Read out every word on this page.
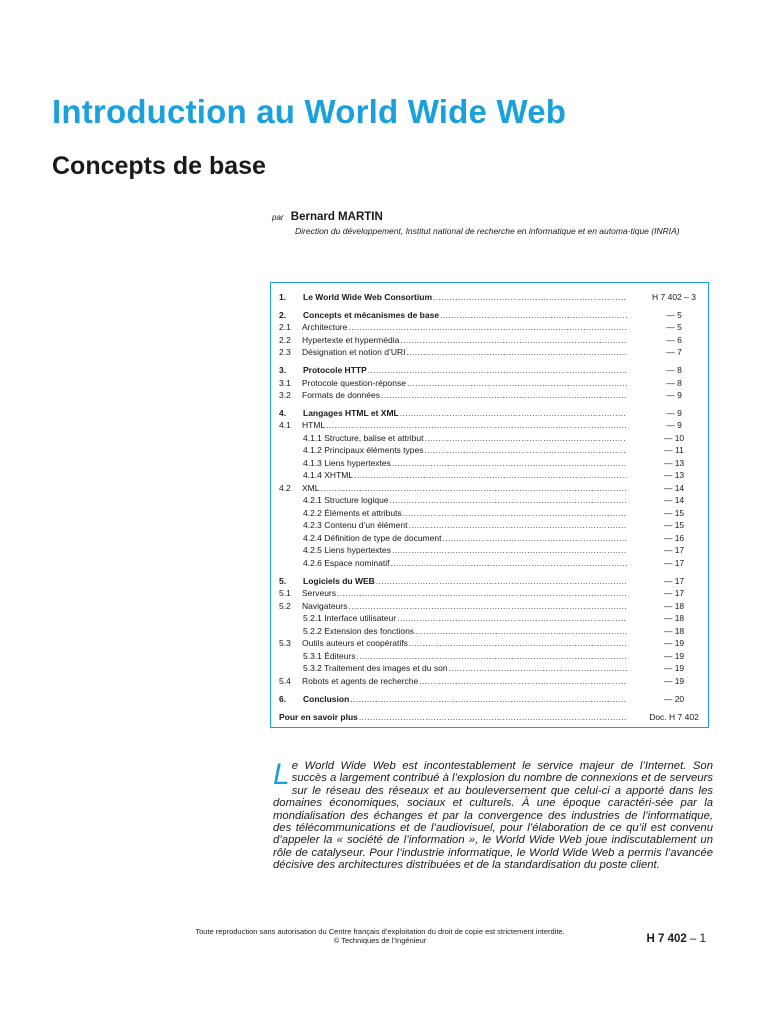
Introduction au World Wide Web
Concepts de base
par Bernard MARTIN
Direction du développement, Institut national de recherche en informatique et en automa-tique (INRIA)
1. Le World Wide Web Consortium .....	H 7 402 – 3
2. Concepts et mécanismes de base .....	— 5
2.1 Architecture .....	— 5
2.2 Hypertexte et hypermédia .....	— 6
2.3 Désignation et notion d’URI .....	— 7
3. Protocole HTTP .....	— 8
3.1 Protocole question-réponse .....	— 8
3.2 Formats de données .....	— 9
4. Langages HTML et XML .....	— 9
4.1 HTML .....	— 9
4.1.1 Structure, balise et attribut .....	— 10
4.1.2 Principaux éléments types .....	— 11
4.1.3 Liens hypertextes .....	— 13
4.1.4 XHTML .....	— 13
4.2 XML .....	— 14
4.2.1 Structure logique .....	— 14
4.2.2 Éléments et attributs .....	— 15
4.2.3 Contenu d’un élément .....	— 15
4.2.4 Définition de type de document .....	— 16
4.2.5 Liens hypertextes .....	— 17
4.2.6 Espace nominatif .....	— 17
5. Logiciels du WEB .....	— 17
5.1 Serveurs .....	— 17
5.2 Navigateurs .....	— 18
5.2.1 Interface utilisateur .....	— 18
5.2.2 Extension des fonctions .....	— 18
5.3 Outils auteurs et coopératifs .....	— 19
5.3.1 Éditeurs .....	— 19
5.3.2 Traitement des images et du son .....	— 19
5.4 Robots et agents de recherche .....	— 19
6. Conclusion .....	— 20
Pour en savoir plus .....	Doc. H 7 402
Le World Wide Web est incontestablement le service majeur de l’Internet. Son succès a largement contribué à l’explosion du nombre de connexions et de serveurs sur le réseau des réseaux et au bouleversement que celui-ci a apporté dans les domaines économiques, sociaux et culturels. À une époque caractéri-sée par la mondialisation des échanges et par la convergence des industries de l’informatique, des télécommunications et de l’audiovisuel, pour l’élaboration de ce qu’il est convenu d’appeler la « société de l’information », le World Wide Web joue indiscutablement un rôle de catalyseur. Pour l’industrie informatique, le World Wide Web a permis l’avancée décisive des architectures distribuées et de la standardisation du poste client.
Toute reproduction sans autorisation du Centre français d’exploitation du droit de copie est strictement interdite.
© Techniques de l’Ingénieur	H 7 402 – 1
